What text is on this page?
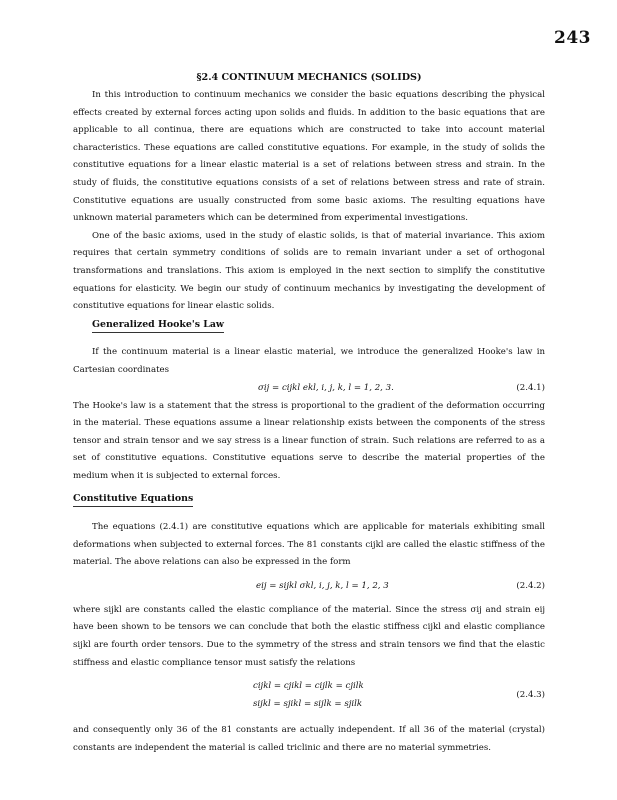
243
§2.4 CONTINUUM MECHANICS (SOLIDS)

In this introduction to continuum mechanics we consider the basic equations describing the physical effects created by external forces acting upon solids and fluids. In addition to the basic equations that are applicable to all continua, there are equations which are constructed to take into account material characteristics. These equations are called constitutive equations. For example, in the study of solids the constitutive equations for a linear elastic material is a set of relations between stress and strain. In the study of fluids, the constitutive equations consists of a set of relations between stress and rate of strain. Constitutive equations are usually constructed from some basic axioms. The resulting equations have unknown material parameters which can be determined from experimental investigations.

One of the basic axioms, used in the study of elastic solids, is that of material invariance. This axiom requires that certain symmetry conditions of solids are to remain invariant under a set of orthogonal transformations and translations. This axiom is employed in the next section to simplify the constitutive equations for elasticity. We begin our study of continuum mechanics by investigating the development of constitutive equations for linear elastic solids.

Generalized Hooke's Law

If the continuum material is a linear elastic material, we introduce the generalized Hooke's law in Cartesian coordinates

σij = cijkl ekl, i, j, k, l = 1, 2, 3.	(2.4.1)

The Hooke's law is a statement that the stress is proportional to the gradient of the deformation occurring in the material. These equations assume a linear relationship exists between the components of the stress tensor and strain tensor and we say stress is a linear function of strain. Such relations are referred to as a set of constitutive equations. Constitutive equations serve to describe the material properties of the medium when it is subjected to external forces.

Constitutive Equations

The equations (2.4.1) are constitutive equations which are applicable for materials exhibiting small deformations when subjected to external forces. The 81 constants cijkl are called the elastic stiffness of the material. The above relations can also be expressed in the form

eij = sijkl σkl, i, j, k, l = 1, 2, 3	(2.4.2)

where sijkl are constants called the elastic compliance of the material. Since the stress σij and strain eij have been shown to be tensors we can conclude that both the elastic stiffness cijkl and elastic compliance sijkl are fourth order tensors. Due to the symmetry of the stress and strain tensors we find that the elastic stiffness and elastic compliance tensor must satisfy the relations

cijkl = cjikl = cijlk = cjilk
sijkl = sjikl = sijlk = sjilk
(2.4.3)

and consequently only 36 of the 81 constants are actually independent. If all 36 of the material (crystal) constants are independent the material is called triclinic and there are no material symmetries.
